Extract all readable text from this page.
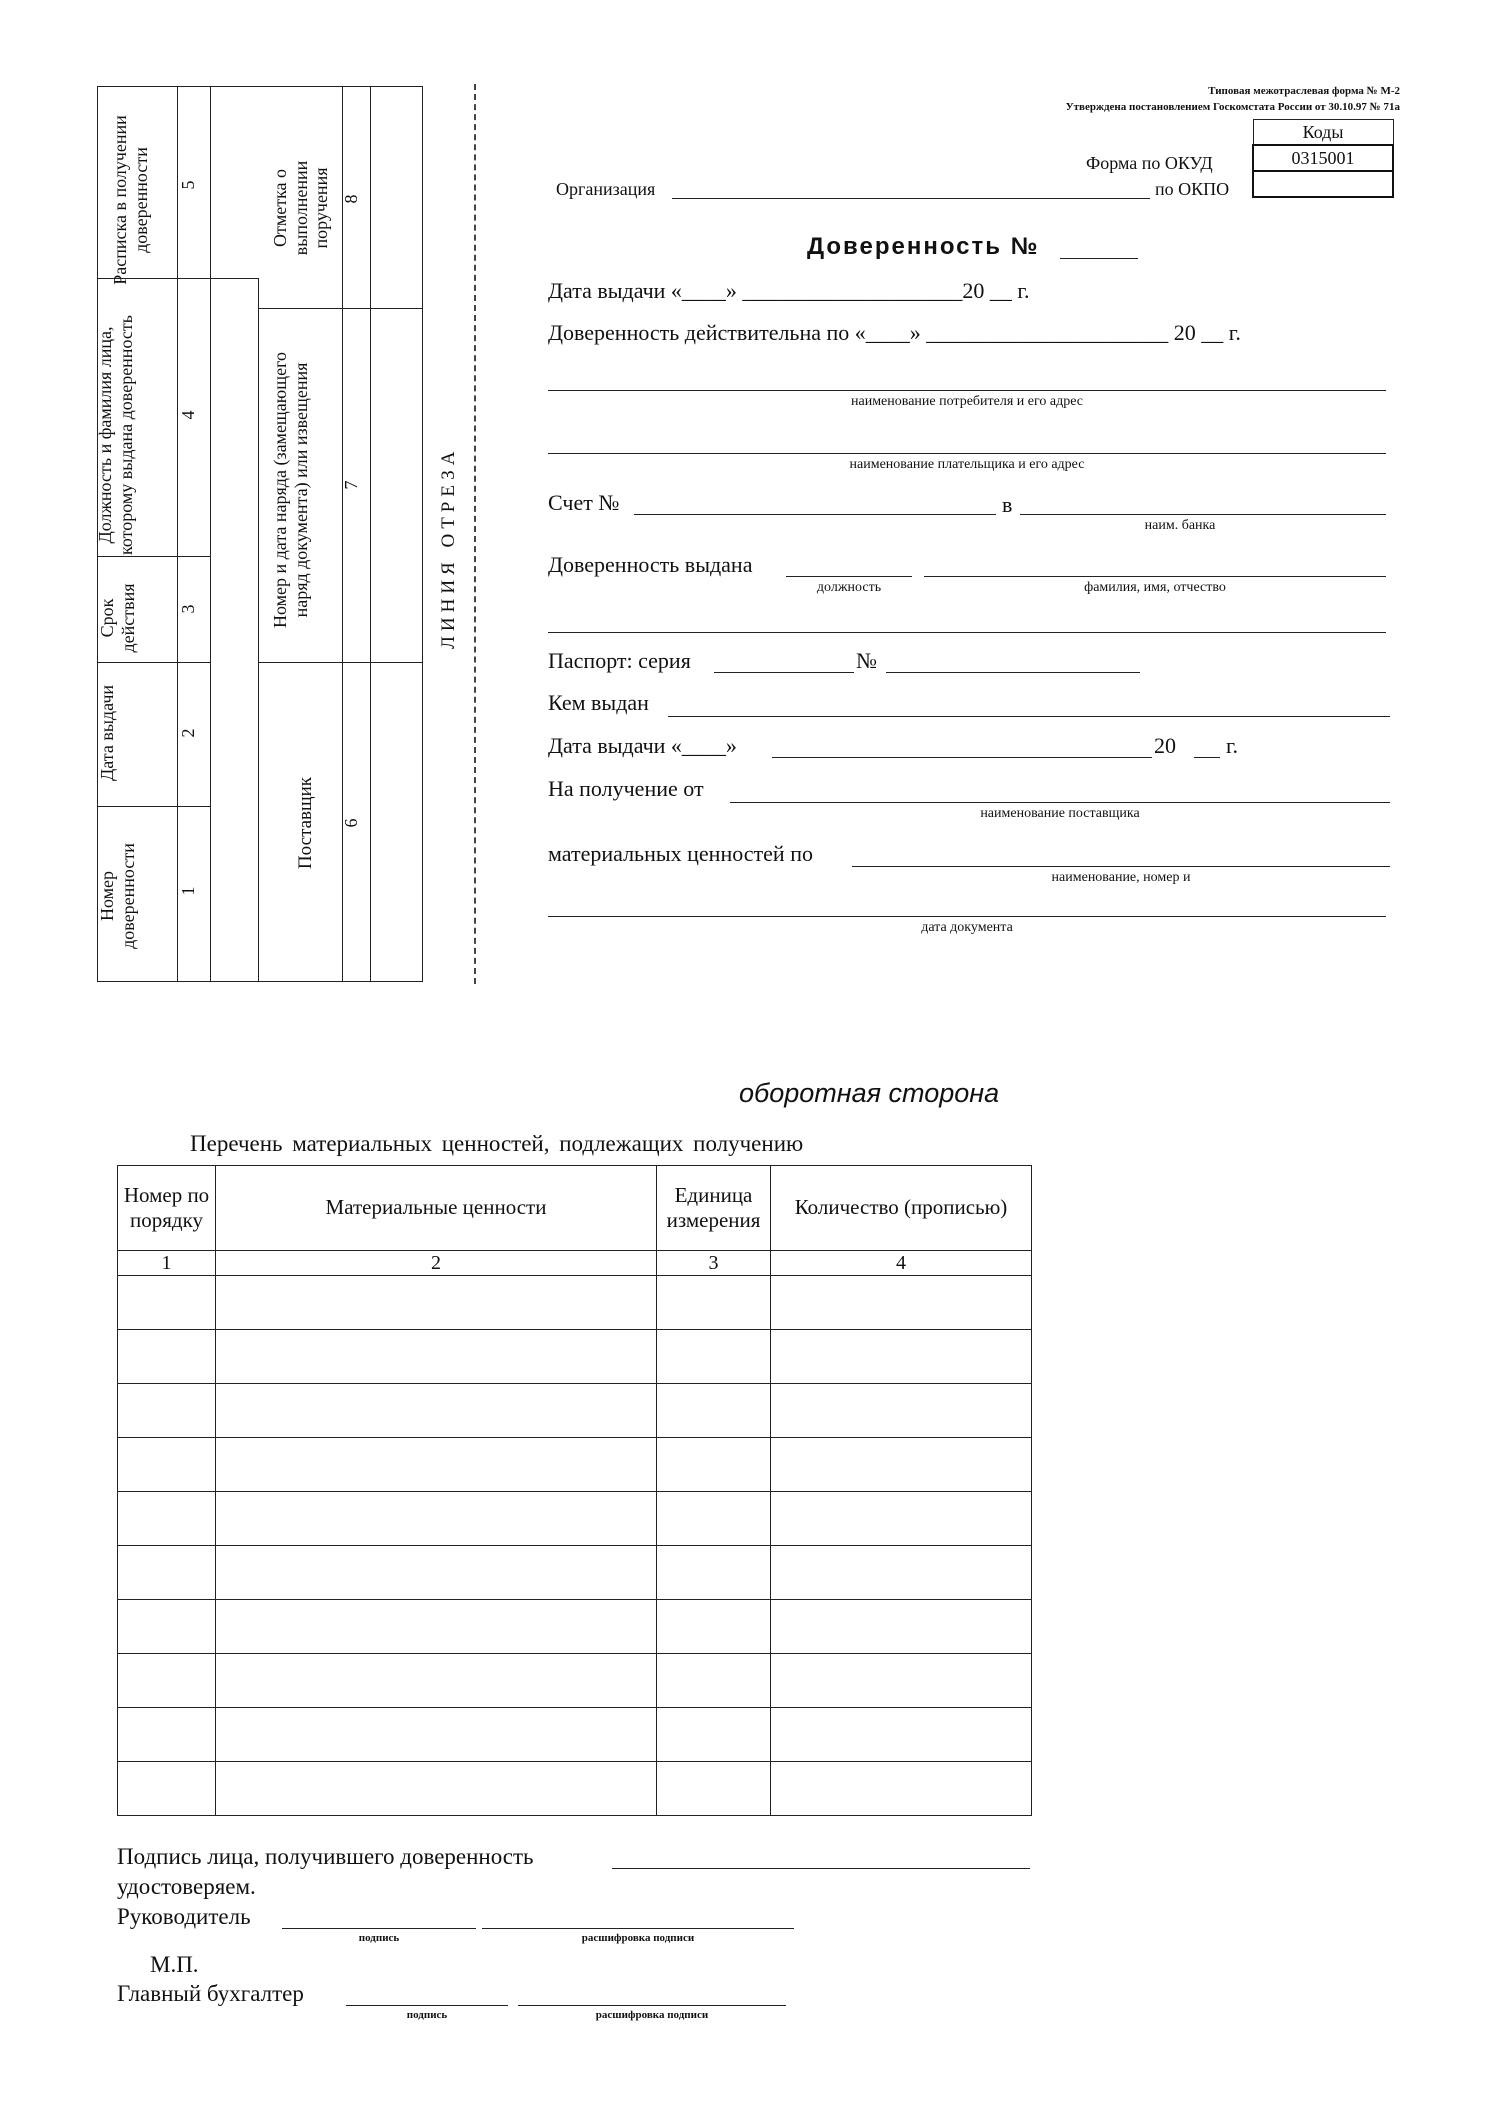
Расписка в получении доверенности	5
Должность и фамилия лица, которому выдана доверенность	4
Срок действия	3
Дата выдачи	2
Номер доверенности	1
Отметка о выполнении поручения 8
Номер и дата наряда (замещающего наряд документа) или извещения	7
Поставщик	6
ЛИНИЯ ОТРЕЗА
Типовая межотраслевая форма № М-2
Утверждена постановлением Госкомстата России от 30.10.97 № 71а
Коды
0315001

Форма по ОКУД
по ОКПО
Организация
Доверенность №
Дата выдачи «____» ____________________20 __ г.
Доверенность действительна по «____» ______________________ 20 __ г.
наименование потребителя и его адрес
наименование плательщика и его адрес
Счет №	в
наим. банка
Доверенность выдана
должность	фамилия, имя, отчество
Паспорт: серия	№
Кем выдан
Дата выдачи «____»	20 г.
На получение от
наименование поставщика
материальных ценностей по
наименование, номер и
дата документа
оборотная сторона
Перечень материальных ценностей, подлежащих получению
Номер по порядку	Материальные ценности	Единица измерения	Количество (прописью)
1	2	3	4

Подпись лица, получившего доверенность
удостоверяем.
Руководитель
подпись	расшифровка подписи
М.П.
Главный бухгалтер
подпись	расшифровка подписи
